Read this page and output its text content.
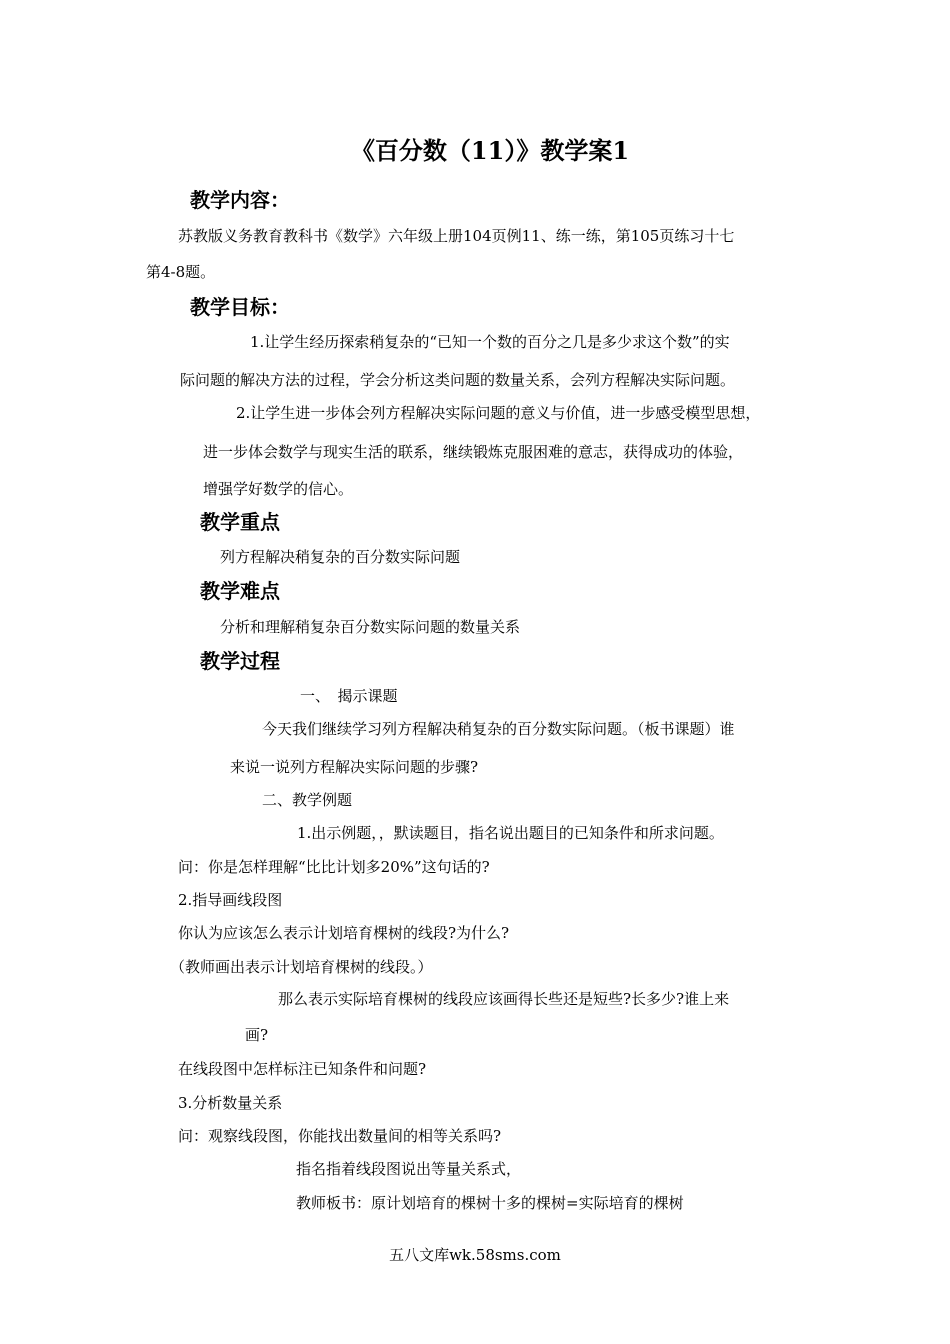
《百分数（11）》教学案1
教学内容：
苏教版义务教育教科书《数学》六年级上册104页例11、练一练，第105页练习十七
第4-8题。
教学目标：
1.让学生经历探索稍复杂的“已知一个数的百分之几是多少求这个数”的实
际问题的解决方法的过程，学会分析这类问题的数量关系，会列方程解决实际问题。
2.让学生进一步体会列方程解决实际问题的意义与价值，进一步感受模型思想，
进一步体会数学与现实生活的联系，继续锻炼克服困难的意志，获得成功的体验，
增强学好数学的信心。
教学重点
列方程解决稍复杂的百分数实际问题
教学难点
分析和理解稍复杂百分数实际问题的数量关系
教学过程
一、　揭示课题
今天我们继续学习列方程解决稍复杂的百分数实际问题。（板书课题）谁
来说一说列方程解决实际问题的步骤?
二、教学例题
1.出示例题，，默读题目，指名说出题目的已知条件和所求问题。
问：你是怎样理解“比比计划多20%”这句话的?
2.指导画线段图
你认为应该怎么表示计划培育棵树的线段?为什么?
（教师画出表示计划培育棵树的线段。）
那么表示实际培育棵树的线段应该画得长些还是短些?长多少?谁上来
画?
在线段图中怎样标注已知条件和问题?
3.分析数量关系
问：观察线段图，你能找出数量间的相等关系吗?
指名指着线段图说出等量关系式，
教师板书：原计划培育的棵树十多的棵树=实际培育的棵树
五八文库wk.58sms.com
